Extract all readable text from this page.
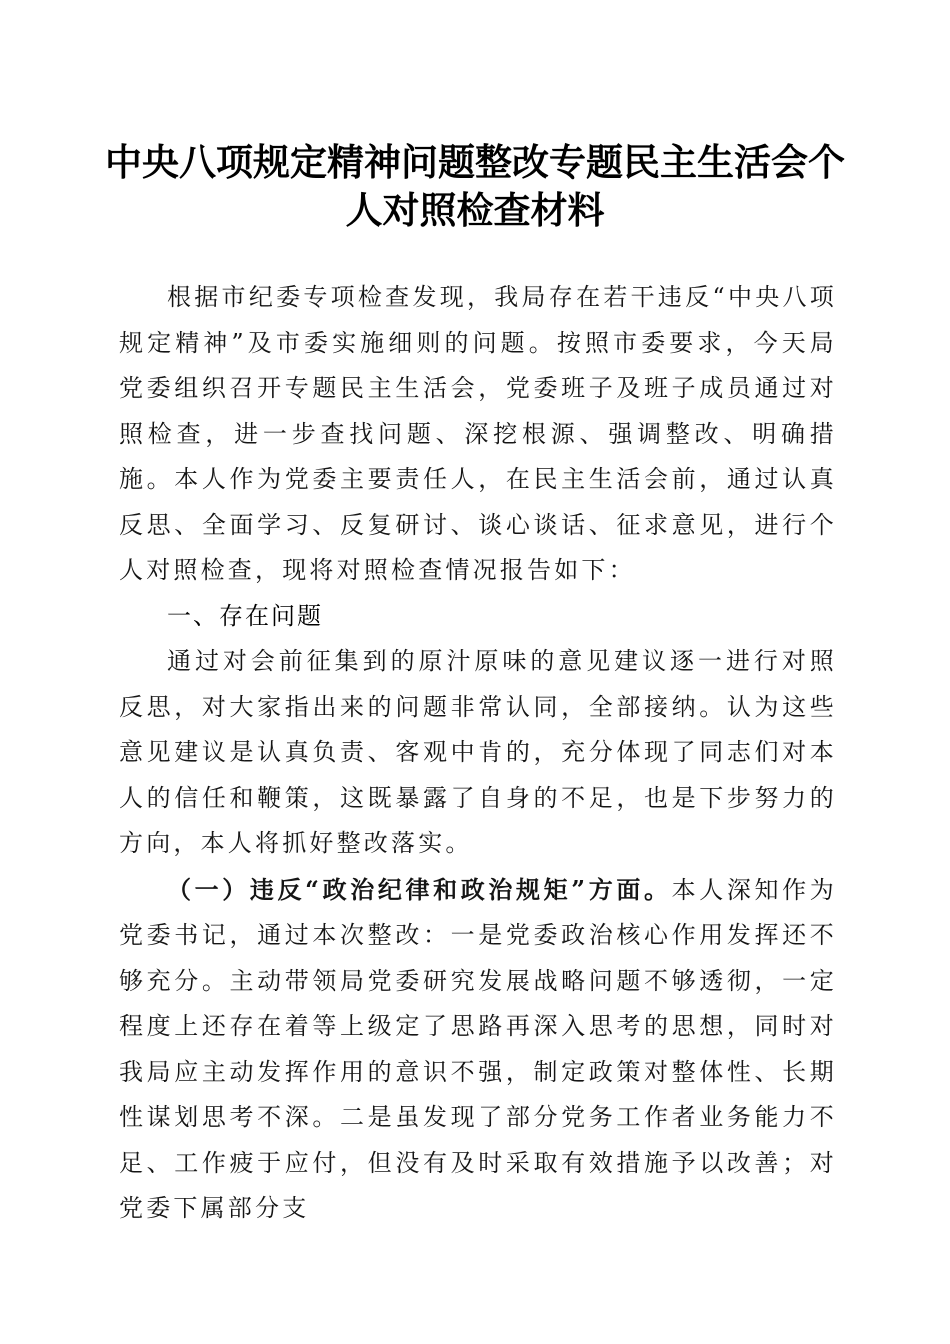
中央八项规定精神问题整改专题民主生活会个人对照检查材料

根据市纪委专项检查发现，我局存在若干违反“中央八项规定精神”及市委实施细则的问题。按照市委要求，今天局党委组织召开专题民主生活会，党委班子及班子成员通过对照检查，进一步查找问题、深挖根源、强调整改、明确措施。本人作为党委主要责任人，在民主生活会前，通过认真反思、全面学习、反复研讨、谈心谈话、征求意见，进行个人对照检查，现将对照检查情况报告如下：

一、存在问题

通过对会前征集到的原汁原味的意见建议逐一进行对照反思，对大家指出来的问题非常认同，全部接纳。认为这些意见建议是认真负责、客观中肯的，充分体现了同志们对本人的信任和鞭策，这既暴露了自身的不足，也是下步努力的方向，本人将抓好整改落实。

（一）违反“政治纪律和政治规矩”方面。本人深知作为党委书记，通过本次整改：一是党委政治核心作用发挥还不够充分。主动带领局党委研究发展战略问题不够透彻，一定程度上还存在着等上级定了思路再深入思考的思想，同时对我局应主动发挥作用的意识不强，制定政策对整体性、长期性谋划思考不深。二是虽发现了部分党务工作者业务能力不足、工作疲于应付，但没有及时采取有效措施予以改善；对党委下属部分支
